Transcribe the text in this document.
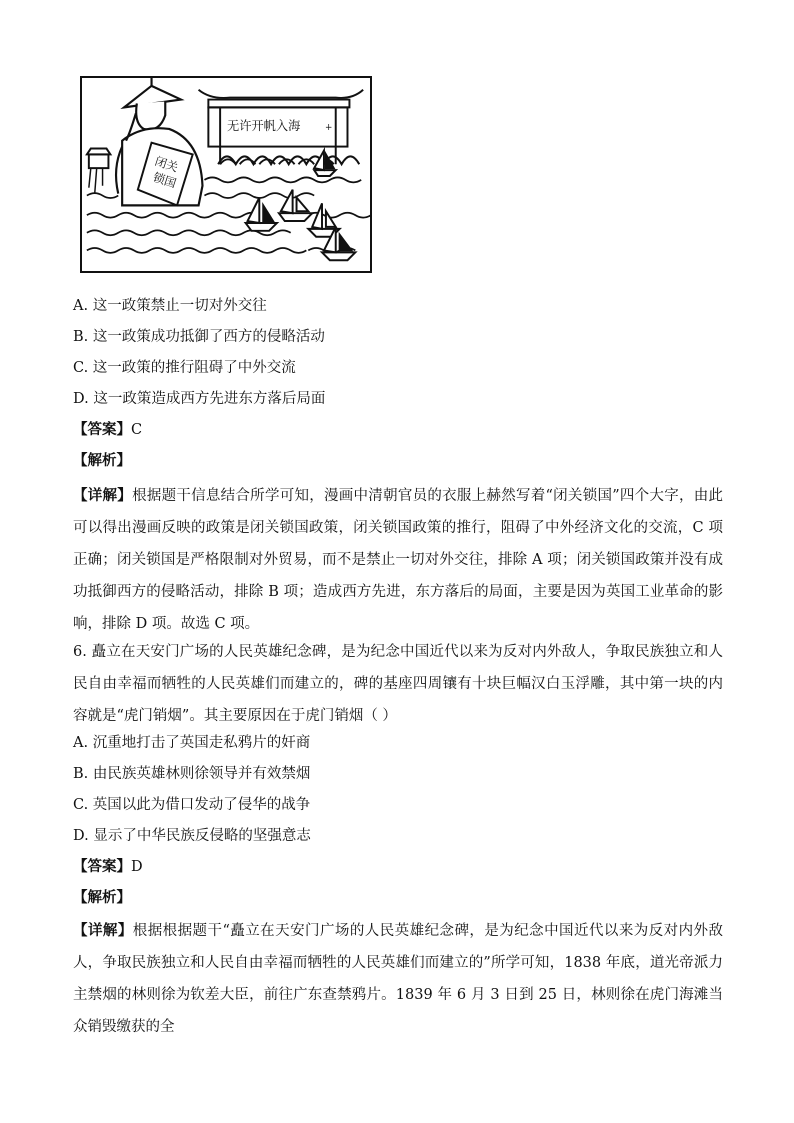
无许开帆入海	+
闭关
锁国
A. 这一政策禁止一切对外交往
B. 这一政策成功抵御了西方的侵略活动
C. 这一政策的推行阻碍了中外交流
D. 这一政策造成西方先进东方落后局面
【答案】C
【解析】
【详解】根据题干信息结合所学可知，漫画中清朝官员的衣服上赫然写着“闭关锁国”四个大字，由此可以得出漫画反映的政策是闭关锁国政策，闭关锁国政策的推行，阻碍了中外经济文化的交流，C 项正确；闭关锁国是严格限制对外贸易，而不是禁止一切对外交往，排除 A 项；闭关锁国政策并没有成功抵御西方的侵略活动，排除 B 项；造成西方先进，东方落后的局面，主要是因为英国工业革命的影响，排除 D 项。故选 C 项。
6. 矗立在天安门广场的人民英雄纪念碑，是为纪念中国近代以来为反对内外敌人，争取民族独立和人民自由幸福而牺牲的人民英雄们而建立的，碑的基座四周镶有十块巨幅汉白玉浮雕，其中第一块的内容就是“虎门销烟”。其主要原因在于虎门销烟（ ）
A. 沉重地打击了英国走私鸦片的奸商
B. 由民族英雄林则徐领导并有效禁烟
C. 英国以此为借口发动了侵华的战争
D. 显示了中华民族反侵略的坚强意志
【答案】D
【解析】
【详解】根据根据题干“矗立在天安门广场的人民英雄纪念碑，是为纪念中国近代以来为反对内外敌人，争取民族独立和人民自由幸福而牺牲的人民英雄们而建立的”所学可知，1838 年底，道光帝派力主禁烟的林则徐为钦差大臣，前往广东查禁鸦片。1839 年 6 月 3 日到 25 日，林则徐在虎门海滩当众销毁缴获的全
